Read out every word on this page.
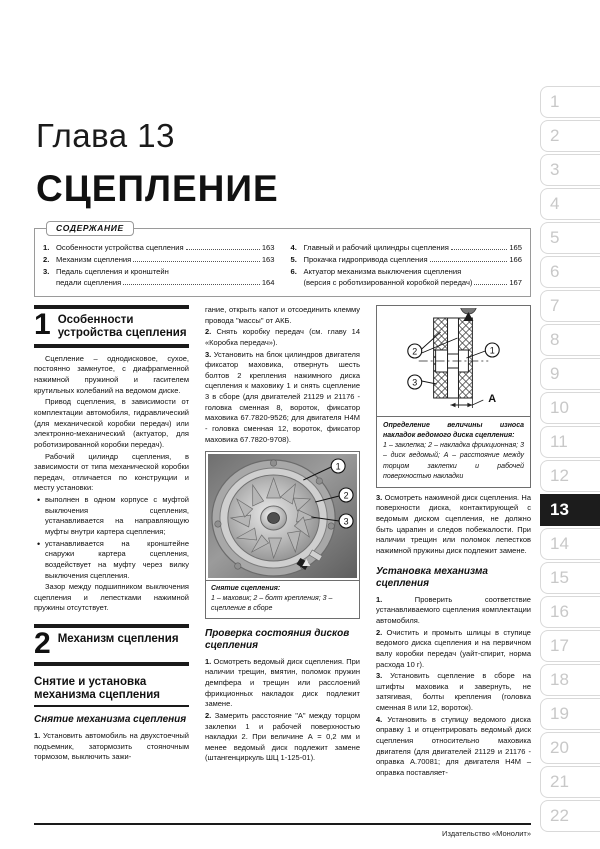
Глава 13
СЦЕПЛЕНИЕ
1. Особенности устройства сцепления	163
2. Механизм сцепления	163
3. Педаль сцепления и кронштейн
педали сцепления	164
4. Главный и рабочий цилиндры сцепления	165
5. Прокачка гидропривода сцепления	166
6. Актуатор механизма выключения сцепления
(версия с роботизированной коробкой передач)	167
СОДЕРЖАНИЕ
1 Особенности устройства сцепления

Сцепление – однодисковое, сухое, постоянно замкнутое, с диафрагменной нажимной пружиной и гасителем крутильных колебаний на ведомом диске.

Привод сцепления, в зависимости от комплектации автомобиля, гидравлический (для механической коробки передач) или электронно-механический (актуатор, для роботизированной коробки передач).

Рабочий цилиндр сцепления, в зависимости от типа механической коробки передач, отличается по конструкции и месту установки:

• выполнен в одном корпусе с муфтой выключения сцепления, устанавливается на направляющую муфты внутри картера сцепления;

• устанавливается на кронштейне снаружи картера сцепления, воздействует на муфту через вилку выключения сцепления.

Зазор между подшипником выключения сцепления и лепестками нажимной пружины отсутствует.

2 Механизм сцепления
Снятие и установка механизма сцепления
Снятие механизма сцепления

1. Установить автомобиль на двухстоечный подъемник, затормозить стояночным тормозом, выключить зажи-

гание, открыть капот и отсоединить клемму провода "массы" от АКБ.

2. Снять коробку передач (см. главу 14 «Коробка передач»).

3. Установить на блок цилиндров двигателя фиксатор маховика, отвернуть шесть болтов 2 крепления нажимного диска сцепления к маховику 1 и снять сцепление 3 в сборе (для двигателей 21129 и 21176 - головка сменная 8, вороток, фиксатор маховика 67.7820-9526; для двигателя H4M - головка сменная 12, вороток, фиксатор маховика 67.7820-9708).

1
2
3
Снятие сцепления:
1 – маховик; 2 – болт крепления; 3 – сцепление в сборе
Проверка состояния дисков сцепления

1. Осмотреть ведомый диск сцепления. При наличии трещин, вмятин, поломок пружин демпфера и трещин или расслоений фрикционных накладок диск подлежит замене.

2. Замерить расстояние "А" между торцом заклепки 1 и рабочей поверхностью накладки 2. При величине А = 0,2 мм и менее ведомый диск подлежит замене (штангенциркуль ШЦ 1-125-01).

A
2	1
3
Определение величины износа накладок ведомого диска сцепления:
1 – заклепка; 2 – накладка фрикционная; 3 – диск ведомый; А – расстояние между торцом заклепки и рабочей поверхностью накладки

3. Осмотреть нажимной диск сцепления. На поверхности диска, контактирующей с ведомым диском сцепления, не должно быть царапин и следов побежалости. При наличии трещин или поломок лепестков нажимной пружины диск подлежит замене.

Установка механизма сцепления

1.	Проверить соответствие устанавливаемого сцепления комплектации автомобиля.

2. Очистить и промыть шлицы в ступице ведомого диска сцепления и на первичном валу коробки передач (уайт-спирит, норма расхода 10 г).

3. Установить сцепление в сборе на штифты маховика и завернуть, не затягивая, болты крепления (головка сменная 8 или 12, вороток).

4. Установить в ступицу ведомого диска оправку 1 и отцентрировать ведомый диск сцепления относительно маховика двигателя (для двигателей 21129 и 21176 - оправка А.70081; для двигателя H4M – оправка поставляет-

Издательство «Монолит»
1
2
3
4
5
6
7
8
9
10
11
12
13
14
15
16
17
18
19
20
21
22
